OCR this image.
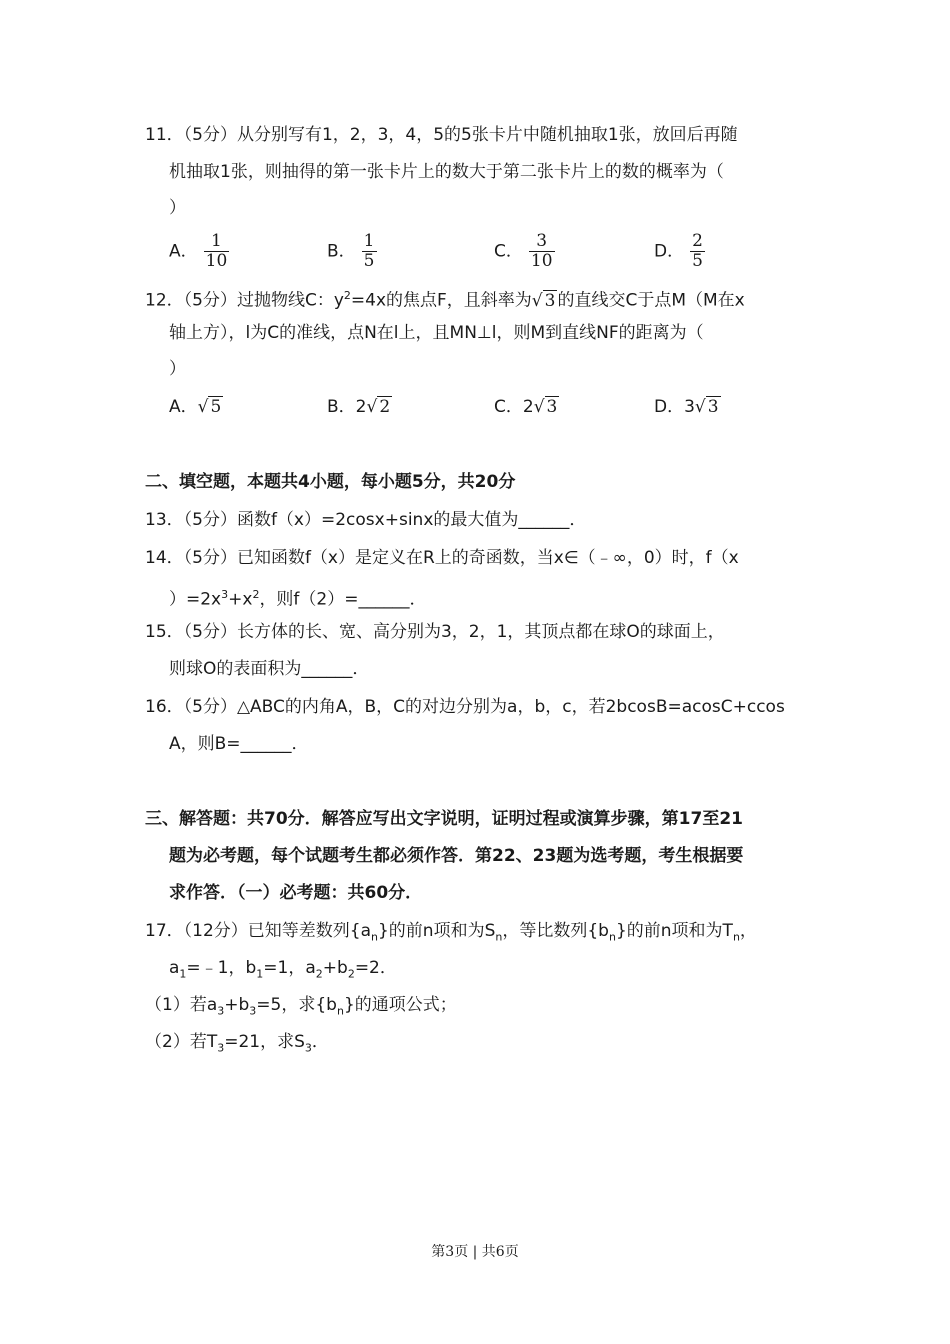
11．（5分）从分别写有1，2，3，4，5的5张卡片中随机抽取1张，放回后再随
机抽取1张，则抽得的第一张卡片上的数大于第二张卡片上的数的概率为（
）
A． $\frac{1}{10}$	B． $\frac{1}{5}$	C． $\frac{3}{10}$	D． $\frac{2}{5}$
12．（5分）过抛物线C：$y^2=4x$的焦点F，且斜率为√ 3 的直线交C于点M（M在x
轴上方），l为C的准线，点N在l上，且MN⊥l，则M到直线NF的距离为（
）
A．√ 5	B．2√ 2	C．2√ 3	D．3√ 3
二、填空题，本题共4小题，每小题5分，共20分
13．（5分）函数f（x）=2cosx+sinx的最大值为______．
14．（5分）已知函数f（x）是定义在R上的奇函数，当x∈（﹣∞，0）时，f（x
）$=2x^3+x^2$，则f（2）=______．
15．（5分）长方体的长、宽、高分别为3，2，1，其顶点都在球O的球面上，
则球O的表面积为______．
16．（5分）△ABC的内角A，B，C的对边分别为a，b，c，若2bcosB=acosC+ccos
A，则B=______．
三、解答题：共70分．解答应写出文字说明，证明过程或演算步骤，第17至21
题为必考题，每个试题考生都必须作答．第22、23题为选考题，考生根据要
求作答．（一）必考题：共60分．
17．（12分）已知等差数列$\{a_n\}$的前n项和为$S_n$，等比数列$\{b_n\}$的前n项和为$T_n$，
$a_1=﹣1$，$b_1=1$，$a_2+b_2=2$．
（1）若$a_3+b_3=5$，求$\{b_n\}$的通项公式；
（2）若$T_3=21$，求$S_3$．
第3页 | 共6页
